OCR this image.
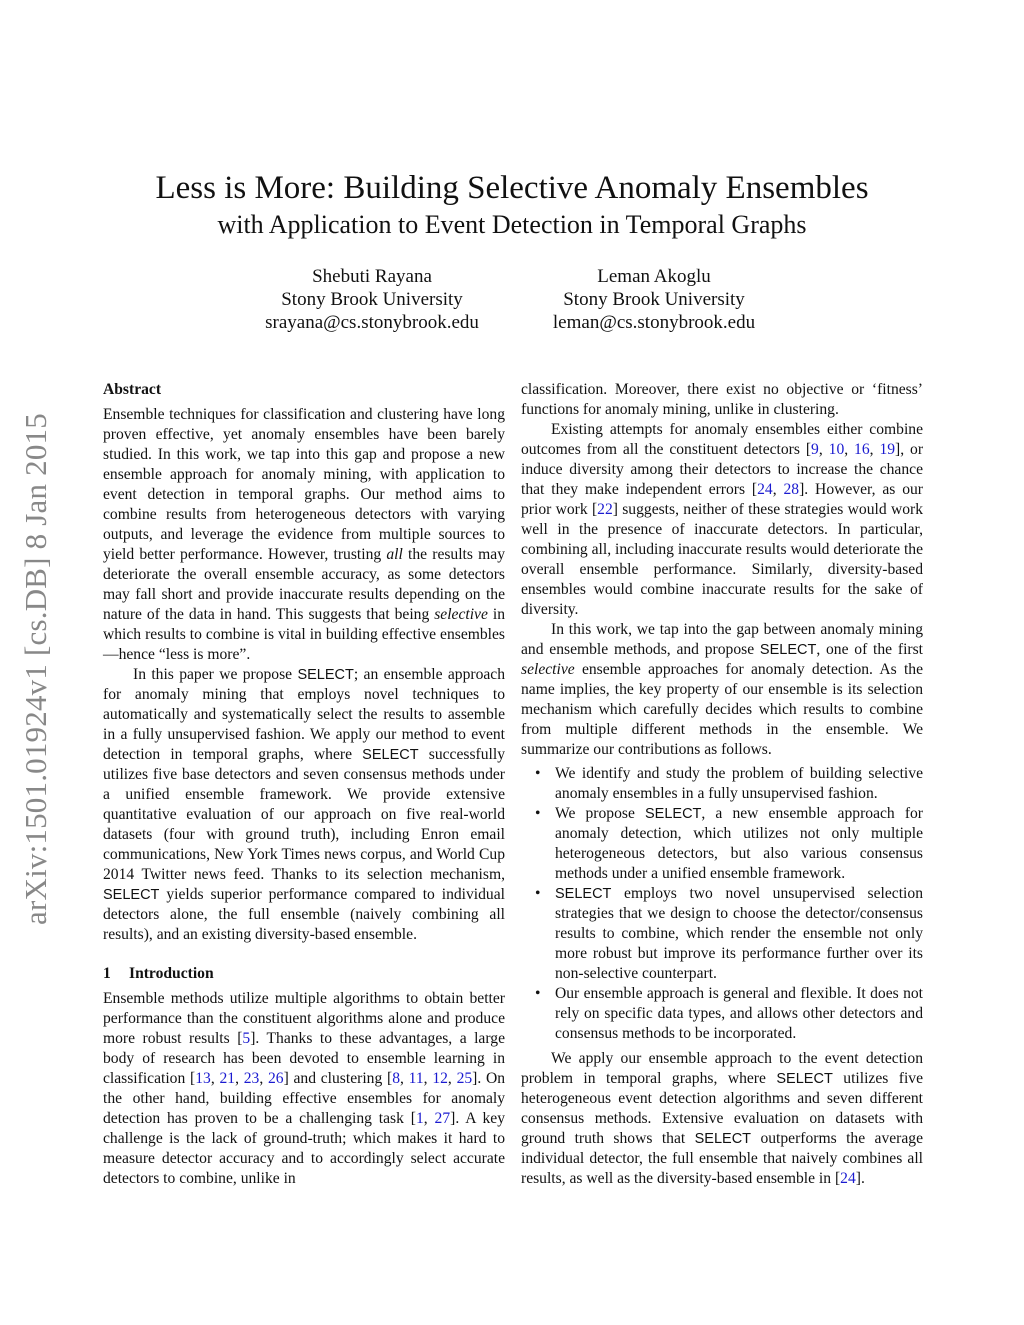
arXiv:1501.01924v1 [cs.DB] 8 Jan 2015
Less is More: Building Selective Anomaly Ensembles
with Application to Event Detection in Temporal Graphs
Shebuti Rayana
Stony Brook University
srayana@cs.stonybrook.edu
Leman Akoglu
Stony Brook University
leman@cs.stonybrook.edu
Abstract

Ensemble techniques for classification and clustering have long proven effective, yet anomaly ensembles have been barely studied. In this work, we tap into this gap and propose a new ensemble approach for anomaly mining, with application to event detection in temporal graphs. Our method aims to combine results from heterogeneous detectors with varying outputs, and leverage the evidence from multiple sources to yield better performance. However, trusting all the results may deteriorate the overall ensemble accuracy, as some detectors may fall short and provide inaccurate results depending on the nature of the data in hand. This suggests that being selective in which results to combine is vital in building effective ensembles—hence “less is more”.

In this paper we propose SELECT; an ensemble approach for anomaly mining that employs novel techniques to automatically and systematically select the results to assemble in a fully unsupervised fashion. We apply our method to event detection in temporal graphs, where SELECT successfully utilizes five base detectors and seven consensus methods under a unified ensemble framework. We provide extensive quantitative evaluation of our approach on five real-world datasets (four with ground truth), including Enron email communications, New York Times news corpus, and World Cup 2014 Twitter news feed. Thanks to its selection mechanism, SELECT yields superior performance compared to individual detectors alone, the full ensemble (naively combining all results), and an existing diversity-based ensemble.

1 Introduction

Ensemble methods utilize multiple algorithms to obtain better performance than the constituent algorithms alone and produce more robust results [5]. Thanks to these advantages, a large body of research has been devoted to ensemble learning in classification [13, 21, 23, 26] and clustering [8, 11, 12, 25]. On the other hand, building effective ensembles for anomaly detection has proven to be a challenging task [1, 27]. A key challenge is the lack of ground-truth; which makes it hard to measure detector accuracy and to accordingly select accurate detectors to combine, unlike in

classification. Moreover, there exist no objective or ‘fitness’ functions for anomaly mining, unlike in clustering.

Existing attempts for anomaly ensembles either combine outcomes from all the constituent detectors [9, 10, 16, 19], or induce diversity among their detectors to increase the chance that they make independent errors [24, 28]. However, as our prior work [22] suggests, neither of these strategies would work well in the presence of inaccurate detectors. In particular, combining all, including inaccurate results would deteriorate the overall ensemble performance. Similarly, diversity-based ensembles would combine inaccurate results for the sake of diversity.

In this work, we tap into the gap between anomaly mining and ensemble methods, and propose SELECT, one of the first selective ensemble approaches for anomaly detection. As the name implies, the key property of our ensemble is its selection mechanism which carefully decides which results to combine from multiple different methods in the ensemble. We summarize our contributions as follows.

• We identify and study the problem of building selective anomaly ensembles in a fully unsupervised fashion.
• We propose SELECT, a new ensemble approach for anomaly detection, which utilizes not only multiple heterogeneous detectors, but also various consensus methods under a unified ensemble framework.
• SELECT employs two novel unsupervised selection strategies that we design to choose the detector/consensus results to combine, which render the ensemble not only more robust but improve its performance further over its non-selective counterpart.
• Our ensemble approach is general and flexible. It does not rely on specific data types, and allows other detectors and consensus methods to be incorporated.

We apply our ensemble approach to the event detection problem in temporal graphs, where SELECT utilizes five heterogeneous event detection algorithms and seven different consensus methods. Extensive evaluation on datasets with ground truth shows that SELECT outperforms the average individual detector, the full ensemble that naively combines all results, as well as the diversity-based ensemble in [24].
